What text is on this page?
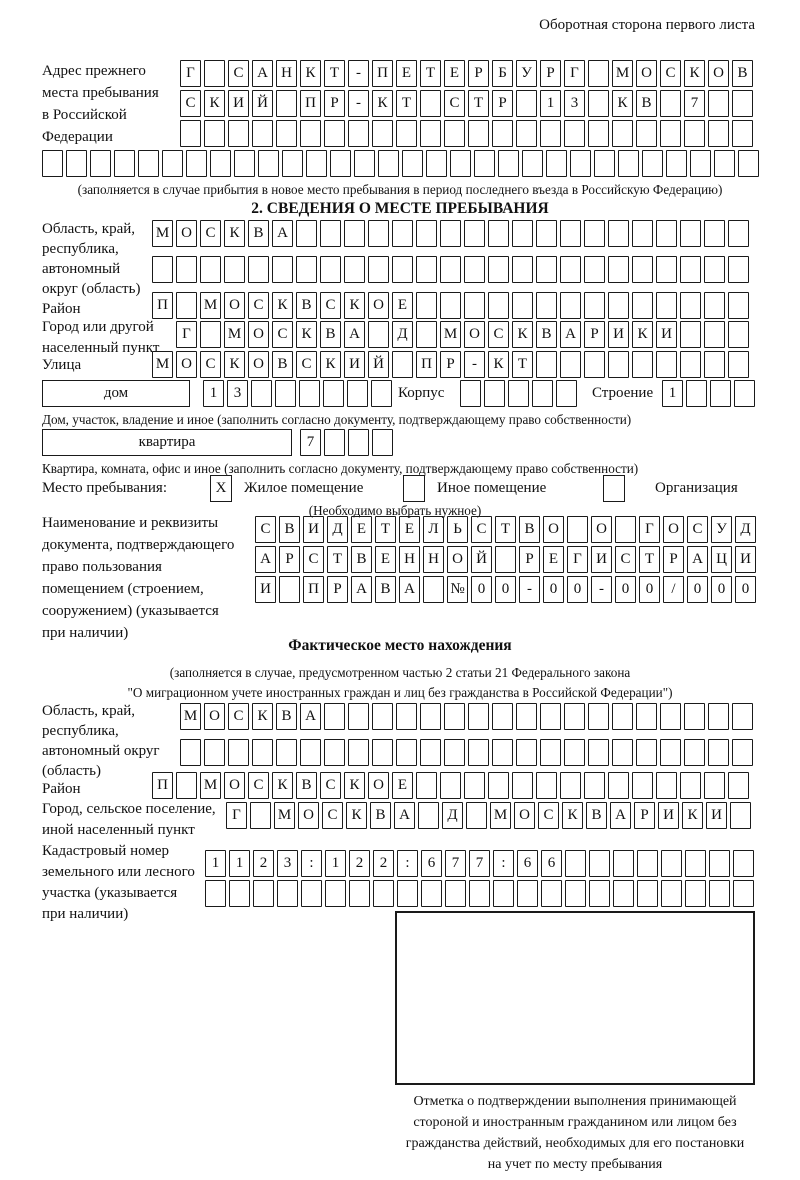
Оборотная сторона первого листа
Адрес прежнего
места пребывания
в Российской
Федерации
Г	С А Н К Т	-	П Е Т Е	Р	Б У Р	Г	М О С К О В
С К И Й	П Р	-	К Т	С Т	Р	1	3	К В	7
(заполняется в случае прибытия в новое место пребывания в период последнего въезда в Российскую Федерацию)
2. СВЕДЕНИЯ О МЕСТЕ ПРЕБЫВАНИЯ
Область, край,
республика,
автономный
округ (область)
М О С К В А
Район	П	М О С К В С К О Е
Город или другой
населенный пункт
Г	М О С К В А	Д	М О С К В А Р И К И
Улица	М О С К О В С К И Й	П Р	-	К Т
дом	1	3	Корпус	Строение	1
Дом, участок, владение и иное (заполнить согласно документу, подтверждающему право собственности)
квартира	7
Квартира, комната, офис и иное (заполнить согласно документу, подтверждающему право собственности)
Место пребывания:	X	Жилое помещение	Иное помещение	Организация
(Необходимо выбрать нужное)
Наименование и реквизиты
документа, подтверждающего
право пользования
помещением (строением,
сооружением) (указывается
при наличии)
С В И Д Е Т Е Л Ь С Т В О	О	Г О С У Д
А Р С Т В Е Н Н О Й	Р	Е	Г И С Т	Р А Ц И
И	П Р А В А	№ 0	0	-	0	0	-	0	0	/	0	0	0
Фактическое место нахождения
(заполняется в случае, предусмотренном частью 2 статьи 21 Федерального закона
"О миграционном учете иностранных граждан и лиц без гражданства в Российской Федерации")
Область, край,
республика,
автономный округ
(область)
М О С К В А
Район	П	М О С К В С К О Е
Город, сельское поселение,
иной населенный пункт
Г	М О С К В А	Д	М О С К В А Р И К И
Кадастровый номер
земельного или лесного
участка (указывается
при наличии)
1	1	2	3	:	1	2	2	:	6	7	7	:	6	6
Отметка о подтверждении выполнения принимающей
стороной и иностранным гражданином или лицом без
гражданства действий, необходимых для его постановки
на учет по месту пребывания
